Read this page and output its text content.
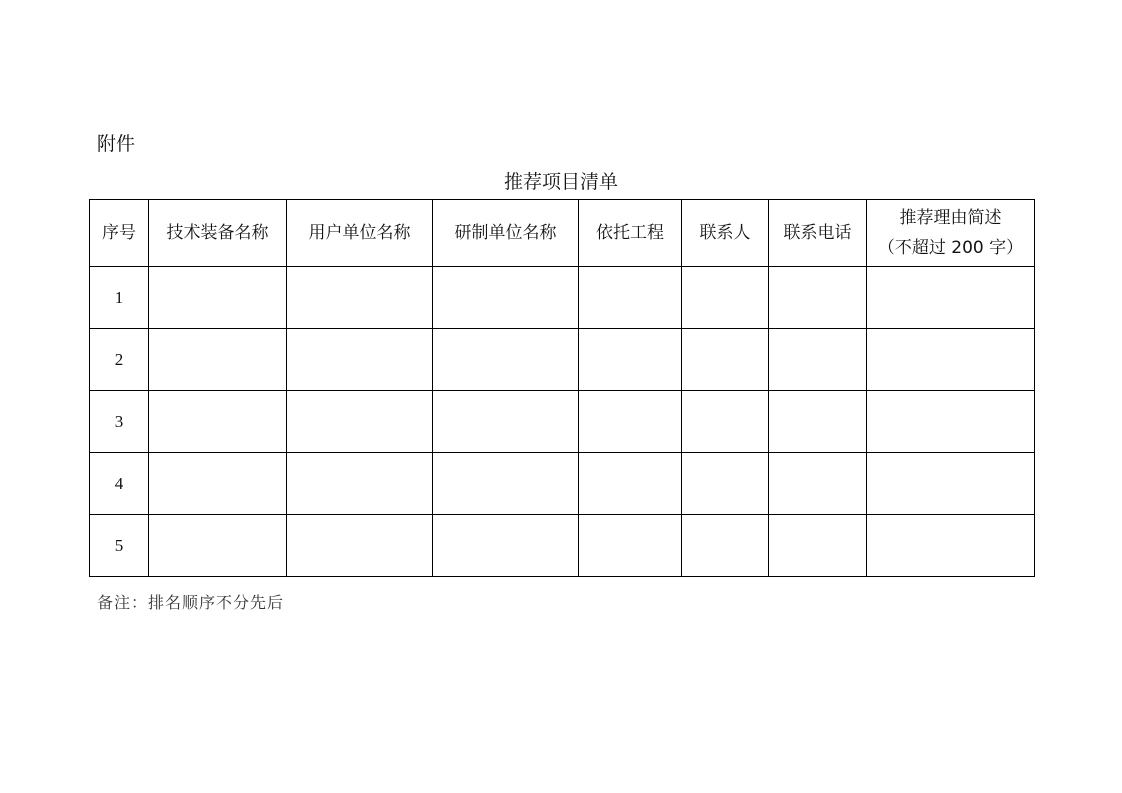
附件
推荐项目清单
序号	技术装备名称	用户单位名称	研制单位名称	依托工程	联系人	联系电话	推荐理由简述
（不超过 200 字）

1							
2							
3							
4							
5							
备注：排名顺序不分先后
